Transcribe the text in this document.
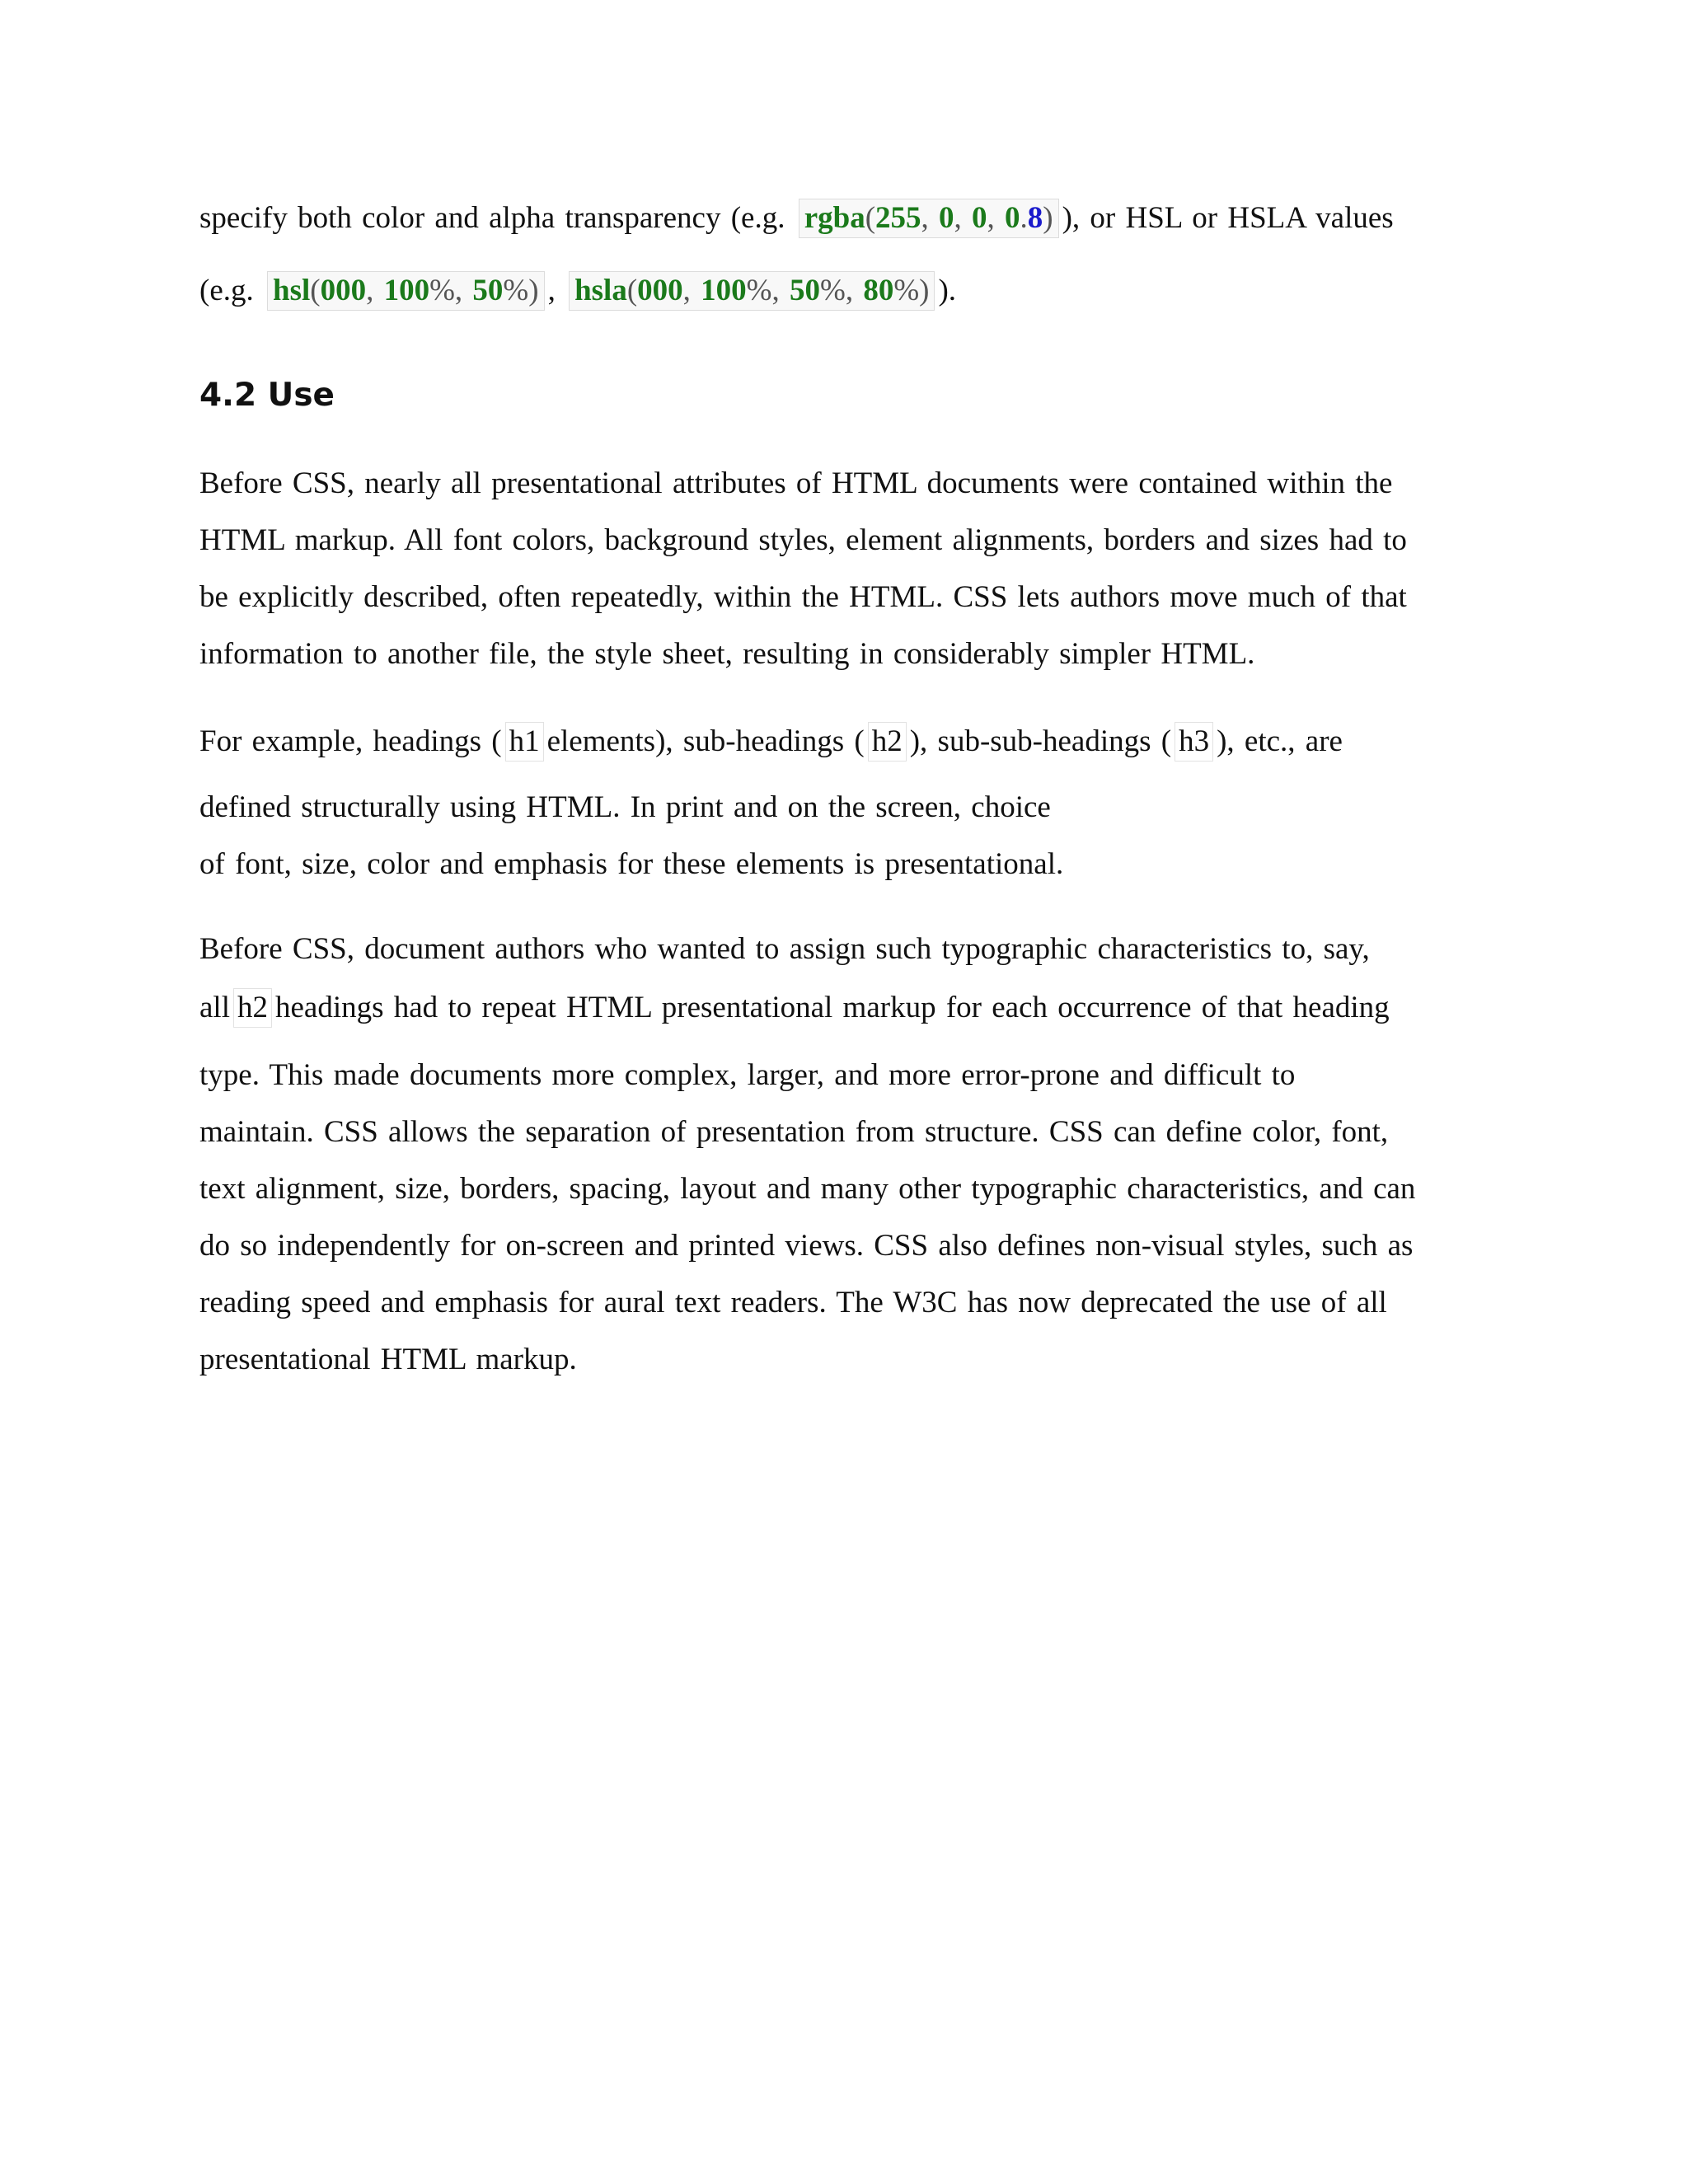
specify both color and alpha transparency (e.g. rgba(255, 0, 0, 0.8) ), or HSL or HSLA values
(e.g. hsl(000, 100%, 50%) , hsla(000, 100%, 50%, 80%) ).
4.2 Use
Before CSS, nearly all presentational attributes of HTML documents were contained within the
HTML markup. All font colors, background styles, element alignments, borders and sizes had to
be explicitly described, often repeatedly, within the HTML. CSS lets authors move much of that
information to another file, the style sheet, resulting in considerably simpler HTML.
For example, headings ( h1 elements), sub-headings ( h2 ), sub-sub-headings ( h3 ), etc., are
defined structurally using HTML. In print and on the screen, choice
of font, size, color and emphasis for these elements is presentational.
Before CSS, document authors who wanted to assign such typographic characteristics to, say,
all h2 headings had to repeat HTML presentational markup for each occurrence of that heading
type. This made documents more complex, larger, and more error-prone and difficult to
maintain. CSS allows the separation of presentation from structure. CSS can define color, font,
text alignment, size, borders, spacing, layout and many other typographic characteristics, and can
do so independently for on-screen and printed views. CSS also defines non-visual styles, such as
reading speed and emphasis for aural text readers. The W3C has now deprecated the use of all
presentational HTML markup.
